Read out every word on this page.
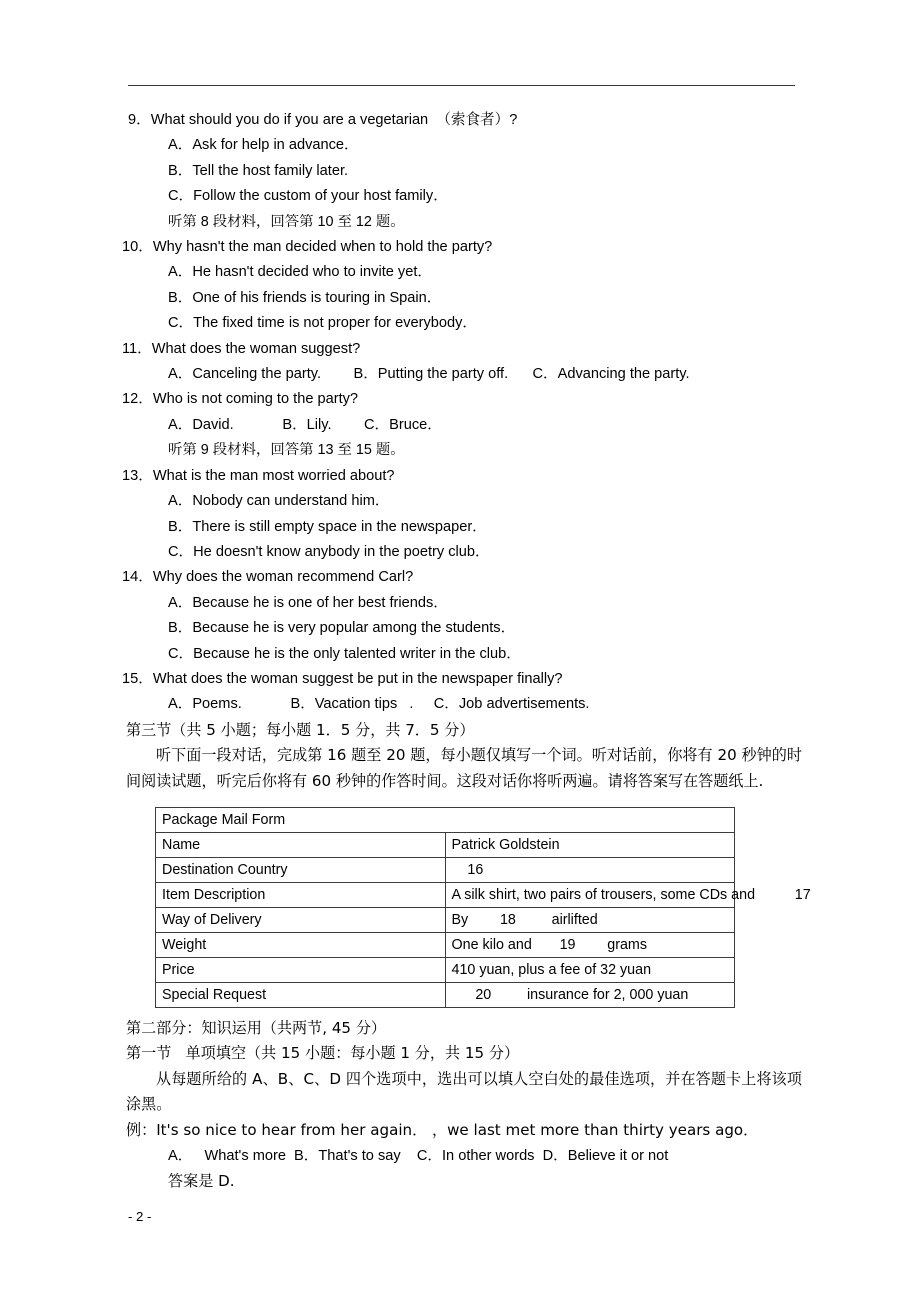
9．What should you do if you are a vegetarian  （索食者）?
A．Ask for help in advance．
B．Tell the host family later.
C．Follow the custom of your host family．
听第 8 段材料，回答第 10 至 12 题。
10．Why hasn't the man decided when to hold the party?
A．He hasn't decided who to invite yet．
B．One of his friends is touring in Spain．
C．The fixed time is not proper for everybody．
11．What does the woman suggest?
A．Canceling the party.        B．Putting the party off.      C．Advancing the party.
12．Who is not coming to the party?
A．David.            B．Lily.        C．Bruce．
听第 9 段材料，回答第 13 至 15 题。
13．What is the man most worried about?
A．Nobody can understand him．
B．There is still empty space in the newspaper．
C．He doesn't know anybody in the poetry club．
14．Why does the woman recommend Carl?
A．Because he is one of her best friends．
B．Because he is very popular among the students．
C．Because he is the only talented writer in the club．
15．What does the woman suggest be put in the newspaper finally?
A．Poems.            B．Vacation tips   .     C．Job advertisements.
第三节（共 5 小题；每小题 1．5 分，共 7．5 分）
听下面一段对话，完成第 16 题至 20 题，每小题仅填写一个词。听对话前，你将有 20 秒钟的时间阅读试题，听完后你将有 60 秒钟的作答时间。这段对话你将听两遍。请将答案写在答题纸上.
Package Mail Form	
Name	Patrick Goldstein
Destination Country	16
Item Description	A silk shirt, two pairs of trousers, some CDs and          17
Way of Delivery	By        18         airlifted
Weight	One kilo and       19        grams
Price	410 yuan, plus a fee of 32 yuan
Special Request	20         insurance for 2, 000 yuan
第二部分：知识运用（共两节, 45 分）
第一节   单项填空（共 15 小题：每小题 1 分，共 15 分）
从每题所给的 A、B、C、D 四个选项中，选出可以填人空白处的最佳选项，并在答题卡上将该项涂黑。
例：It's so nice to hear from her again． ，we last met more than thirty years ago．
A．   What's more  B．That's to say    C．In other words  D．Believe it or not
答案是 D.
- 2 -
